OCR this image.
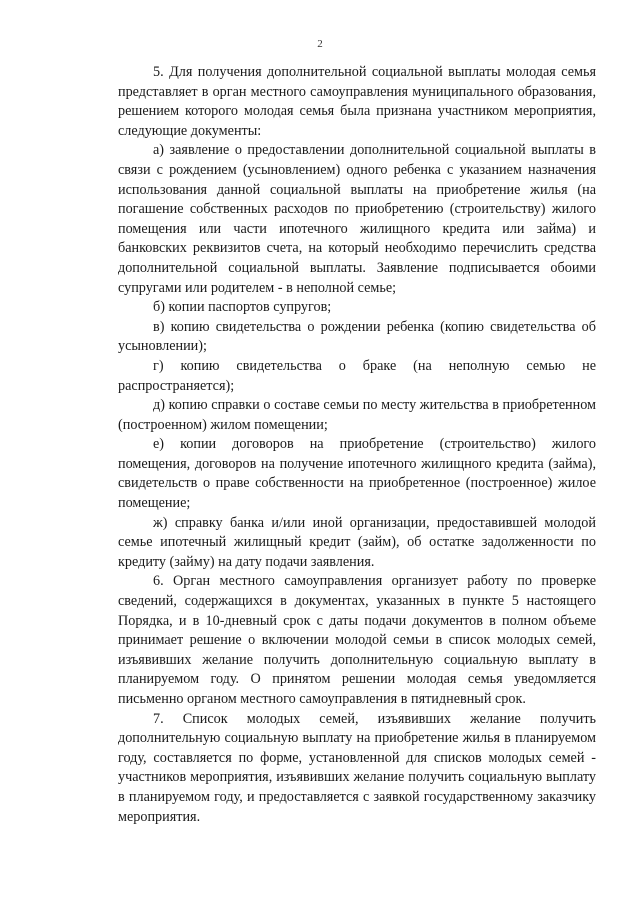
2

5. Для получения дополнительной социальной выплаты молодая семья представляет в орган местного самоуправления муниципального образования, решением которого молодая семья была признана участником мероприятия, следующие документы:

а) заявление о предоставлении дополнительной социальной выплаты в связи с рождением (усыновлением) одного ребенка с указанием назначения использования данной социальной выплаты на приобретение жилья (на погашение собственных расходов по приобретению (строительству) жилого помещения или части ипотечного жилищного кредита или займа) и банковских реквизитов счета, на который необходимо перечислить средства дополнительной социальной выплаты. Заявление подписывается обоими супругами или родителем - в неполной семье;

б) копии паспортов супругов;

в) копию свидетельства о рождении ребенка (копию свидетельства об усыновлении);

г) копию свидетельства о браке (на неполную семью не распространяется);

д) копию справки о составе семьи по месту жительства в приобретенном (построенном) жилом помещении;

е) копии договоров на приобретение (строительство) жилого помещения, договоров на получение ипотечного жилищного кредита (займа), свидетельств о праве собственности на приобретенное (построенное) жилое помещение;

ж) справку банка и/или иной организации, предоставившей молодой семье ипотечный жилищный кредит (займ), об остатке задолженности по кредиту (займу) на дату подачи заявления.

6. Орган местного самоуправления организует работу по проверке сведений, содержащихся в документах, указанных в пункте 5 настоящего Порядка, и в 10-дневный срок с даты подачи документов в полном объеме принимает решение о включении молодой семьи в список молодых семей, изъявивших желание получить дополнительную социальную выплату в планируемом году. О принятом решении молодая семья уведомляется письменно органом местного самоуправления в пятидневный срок.

7. Список молодых семей, изъявивших желание получить дополнительную социальную выплату на приобретение жилья в планируемом году, составляется по форме, установленной для списков молодых семей - участников мероприятия, изъявивших желание получить социальную выплату в планируемом году, и предоставляется с заявкой государственному заказчику мероприятия.
